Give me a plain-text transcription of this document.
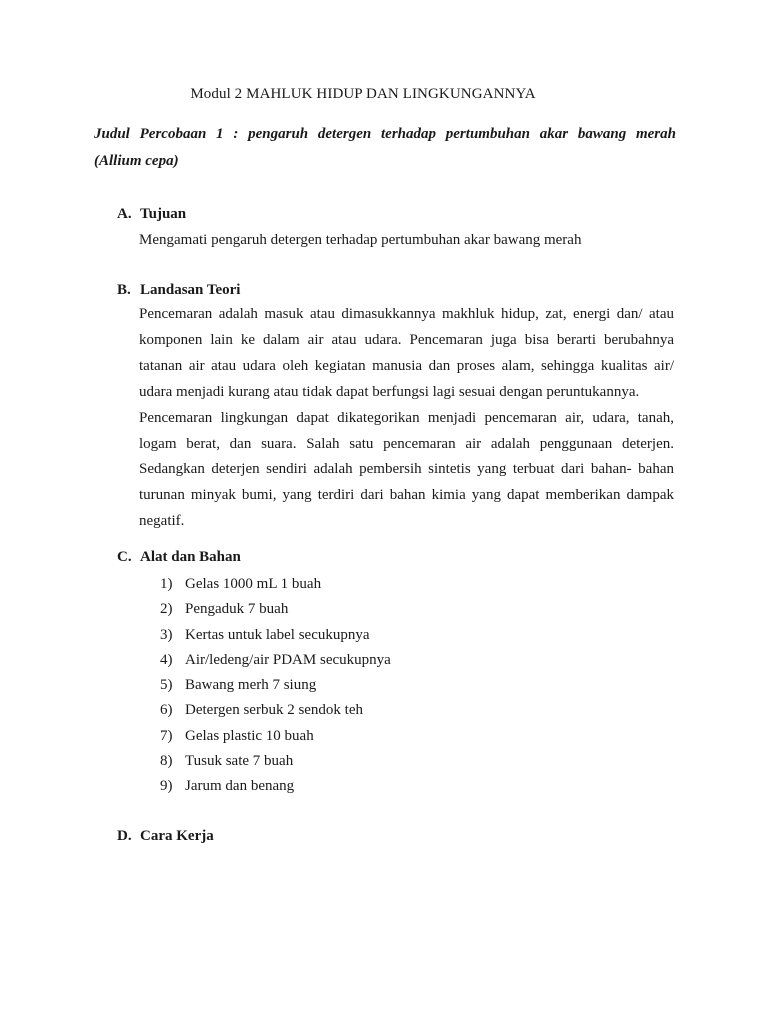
Modul 2 MAHLUK HIDUP DAN LINGKUNGANNYA
Judul Percobaan 1 : pengaruh detergen terhadap pertumbuhan akar bawang merah
(Allium cepa)
A. Tujuan
Mengamati pengaruh detergen terhadap pertumbuhan akar bawang merah
B. Landasan Teori
Pencemaran adalah masuk atau dimasukkannya makhluk hidup, zat, energi dan/ atau
komponen lain ke dalam air atau udara. Pencemaran juga bisa berarti berubahnya
tatanan air atau udara oleh kegiatan manusia dan proses alam, sehingga kualitas air/
udara menjadi kurang atau tidak dapat berfungsi lagi sesuai dengan peruntukannya.
Pencemaran lingkungan dapat dikategorikan menjadi pencemaran air, udara, tanah,
logam berat, dan suara. Salah satu pencemaran air adalah penggunaan deterjen.
Sedangkan deterjen sendiri adalah pembersih sintetis yang terbuat dari bahan- bahan
turunan minyak bumi, yang terdiri dari bahan kimia yang dapat memberikan dampak
negatif.
C. Alat dan Bahan
1) Gelas 1000 mL 1 buah
2) Pengaduk 7 buah
3) Kertas untuk label secukupnya
4) Air/ledeng/air PDAM secukupnya
5) Bawang merh 7 siung
6) Detergen serbuk 2 sendok teh
7) Gelas plastic 10 buah
8) Tusuk sate 7 buah
9) Jarum dan benang
D. Cara Kerja
